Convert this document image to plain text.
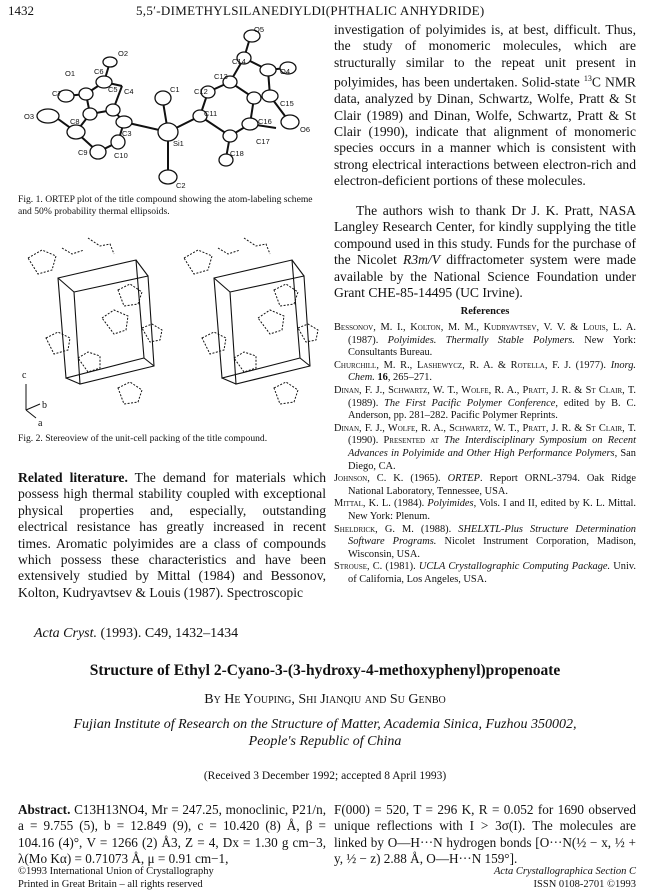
1432	5,5′-DIMETHYLSILANEDIYLDI(PHTHALIC ANHYDRIDE)
O1	C6
O2
C7	C5 C4	C1
O3
C8
C3
C9	C10
Si1
C2
C12
C13
O5
C14
O4
C11
C15
C16
O6
C17
C18
Fig. 1. ORTEP plot of the title compound showing the atom-labeling scheme and 50% probability thermal ellipsoids.
c
b
a
Fig. 2. Stereoview of the unit-cell packing of the title compound.
Related literature. The demand for materials which possess high thermal stability coupled with exceptional physical properties and, especially, outstanding electrical resistance has greatly increased in recent times. Aromatic polyimides are a class of compounds which possess these characteristics and have been extensively studied by Mittal (1984) and Bessonov, Kolton, Kudryavtsev & Louis (1987). Spectroscopic
investigation of polyimides is, at best, difficult. Thus, the study of monomeric molecules, which are structurally similar to the repeat unit present in polyimides, has been undertaken. Solid-state $^{13}$C NMR data, analyzed by Dinan, Schwartz, Wolfe, Pratt & St Clair (1989) and Dinan, Wolfe, Schwartz, Pratt & St Clair (1990), indicate that alignment of monomeric species occurs in a manner which is consistent with strong electrical interactions between electron-rich and electron-deficient portions of these molecules.
The authors wish to thank Dr J. K. Pratt, NASA Langley Research Center, for kindly supplying the title compound used in this study. Funds for the purchase of the Nicolet R3m/V diffractometer system were made available by the National Science Foundation under Grant CHE-85-14495 (UC Irvine).
References

Bessonov, M. I., Kolton, M. M., Kudryavtsev, V. V. & Louis, L. A. (1987). Polyimides. Thermally Stable Polymers. New York: Consultants Bureau.

Churchill, M. R., Lashewycz, R. A. & Rotella, F. J. (1977). Inorg. Chem. 16, 265–271.

Dinan, F. J., Schwartz, W. T., Wolfe, R. A., Pratt, J. R. & St Clair, T. (1989). The First Pacific Polymer Conference, edited by B. C. Anderson, pp. 281–282. Pacific Polymer Reprints.

Dinan, F. J., Wolfe, R. A., Schwartz, W. T., Pratt, J. R. & St Clair, T. (1990). Presented at The Interdisciplinary Symposium on Recent Advances in Polyimide and Other High Performance Polymers, San Diego, CA.

Johnson, C. K. (1965). ORTEP. Report ORNL-3794. Oak Ridge National Laboratory, Tennessee, USA.

Mittal, K. L. (1984). Polyimides, Vols. I and II, edited by K. L. Mittal. New York: Plenum.

Sheldrick, G. M. (1988). SHELXTL-Plus Structure Determination Software Programs. Nicolet Instrument Corporation, Madison, Wisconsin, USA.

Strouse, C. (1981). UCLA Crystallographic Computing Package. Univ. of California, Los Angeles, USA.

Acta Cryst. (1993). C49, 1432–1434
Structure of Ethyl 2-Cyano-3-(3-hydroxy-4-methoxyphenyl)propenoate
By He Youping, Shi Jianqiu and Su Genbo
Fujian Institute of Research on the Structure of Matter, Academia Sinica, Fuzhou 350002,
People's Republic of China
(Received 3 December 1992; accepted 8 April 1993)
Abstract. C13H13NO4, Mr = 247.25, monoclinic, P21/n, a = 9.755 (5), b = 12.849 (9), c = 10.420 (8) Å, β = 104.16 (4)°, V = 1266 (2) Å3, Z = 4, Dx = 1.30 g cm−3, λ(Mo Kα) = 0.71073 Å, μ = 0.91 cm−1,
F(000) = 520, T = 296 K, R = 0.052 for 1690 observed unique reflections with I > 3σ(I). The molecules are linked by O—H···N hydrogen bonds [O···N(½ − x, ½ + y, ½ − z) 2.88 Å, O—H···N 159°].
©1993 International Union of Crystallography
Printed in Great Britain – all rights reserved
Acta Crystallographica Section C
ISSN 0108-2701 ©1993
